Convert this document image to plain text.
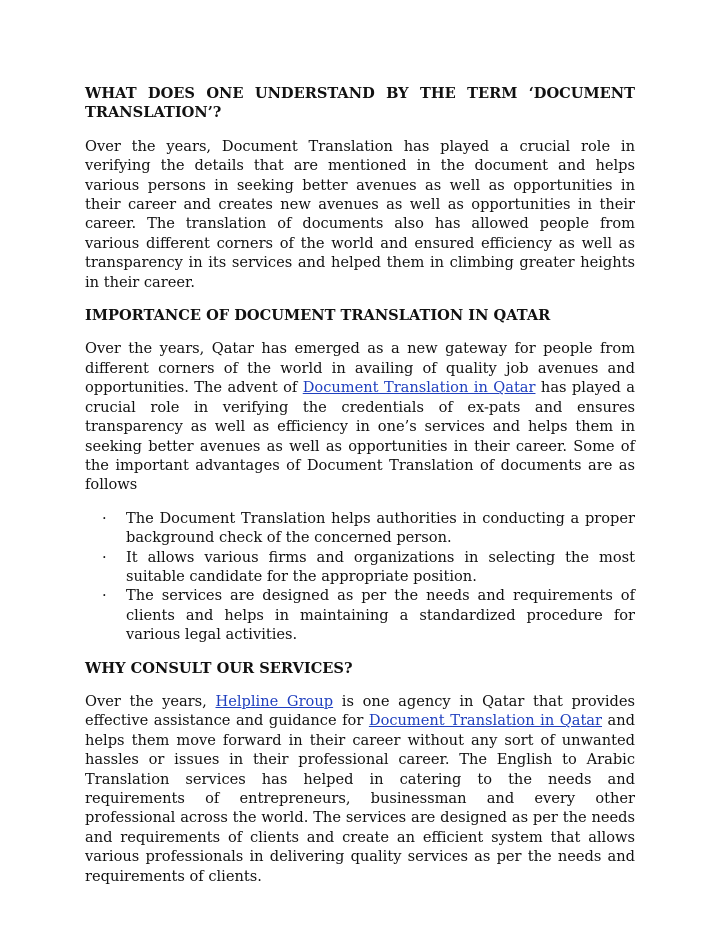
WHAT DOES ONE UNDERSTAND BY THE TERM ‘DOCUMENT TRANSLATION’?

Over the years, Document Translation has played a crucial role in verifying the details that are mentioned in the document and helps various persons in seeking better avenues as well as opportunities in their career and creates new avenues as well as opportunities in their career. The translation of documents also has allowed people from various different corners of the world and ensured efficiency as well as transparency in its services and helped them in climbing greater heights in their career.

IMPORTANCE OF DOCUMENT TRANSLATION IN QATAR

Over the years, Qatar has emerged as a new gateway for people from different corners of the world in availing of quality job avenues and opportunities. The advent of Document Translation in Qatar has played a crucial role in verifying the credentials of ex-pats and ensures transparency as well as efficiency in one’s services and helps them in seeking better avenues as well as opportunities in their career. Some of the important advantages of Document Translation of documents are as follows

· The Document Translation helps authorities in conducting a proper background check of the concerned person.
· It allows various firms and organizations in selecting the most suitable candidate for the appropriate position.
· The services are designed as per the needs and requirements of clients and helps in maintaining a standardized procedure for various legal activities.

WHY CONSULT OUR SERVICES?

Over the years, Helpline Group is one agency in Qatar that provides effective assistance and guidance for Document Translation in Qatar and helps them move forward in their career without any sort of unwanted hassles or issues in their professional career. The English to Arabic Translation services has helped in catering to the needs and requirements of entrepreneurs, businessman and every other professional across the world. The services are designed as per the needs and requirements of clients and create an efficient system that allows various professionals in delivering quality services as per the needs and requirements of clients.
